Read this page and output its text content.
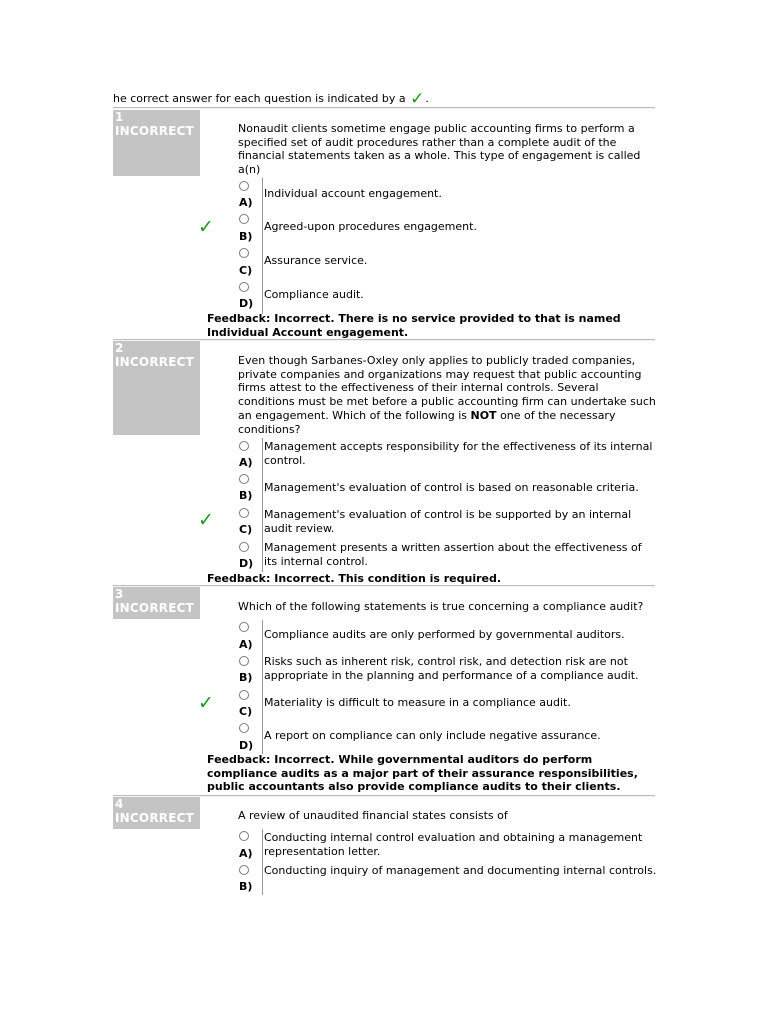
he correct answer for each question is indicated by a ✓.
1
INCORRECT	Nonaudit clients sometime engage public accounting firms to perform a specified set of audit procedures rather than a complete audit of the financial statements taken as a whole. This type of engagement is called a(n)
A)
Individual account engagement.
✓ B)
Agreed-upon procedures engagement.
C)
Assurance service.
D)
Compliance audit.
Feedback: Incorrect. There is no service provided to that is named Individual Account engagement.
2
INCORRECT	Even though Sarbanes-Oxley only applies to publicly traded companies, private companies and organizations may request that public accounting firms attest to the effectiveness of their internal controls. Several conditions must be met before a public accounting firm can undertake such an engagement. Which of the following is NOT one of the necessary conditions?
A)
Management accepts responsibility for the effectiveness of its internal control.
B)
Management's evaluation of control is based on reasonable criteria.
✓ C)
Management's evaluation of control is be supported by an internal audit review.
D)
Management presents a written assertion about the effectiveness of its internal control.
Feedback: Incorrect. This condition is required.
3
INCORRECT	Which of the following statements is true concerning a compliance audit?
A)
Compliance audits are only performed by governmental auditors.
B)
Risks such as inherent risk, control risk, and detection risk are not appropriate in the planning and performance of a compliance audit.
✓ C)
Materiality is difficult to measure in a compliance audit.
D)
A report on compliance can only include negative assurance.
Feedback: Incorrect. While governmental auditors do perform compliance audits as a major part of their assurance responsibilities, public accountants also provide compliance audits to their clients.
4
INCORRECT	A review of unaudited financial states consists of
A)
Conducting internal control evaluation and obtaining a management representation letter.
B)
Conducting inquiry of management and documenting internal controls.
